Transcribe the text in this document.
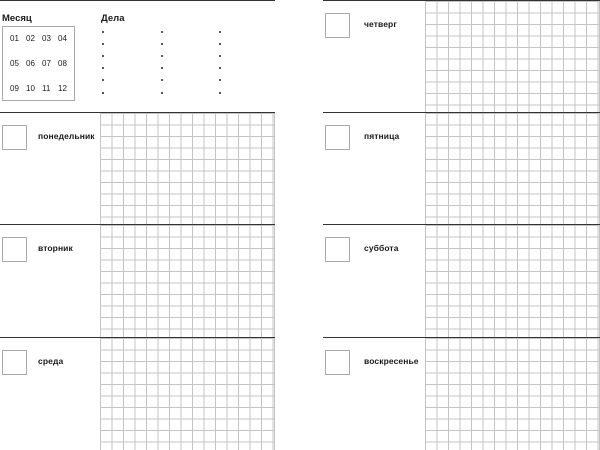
Месяц
01 02 03 04
05 06 07 08
09 10 11 12
Дела
понедельник
вторник
среда
четверг
пятница
суббота
воскресенье
